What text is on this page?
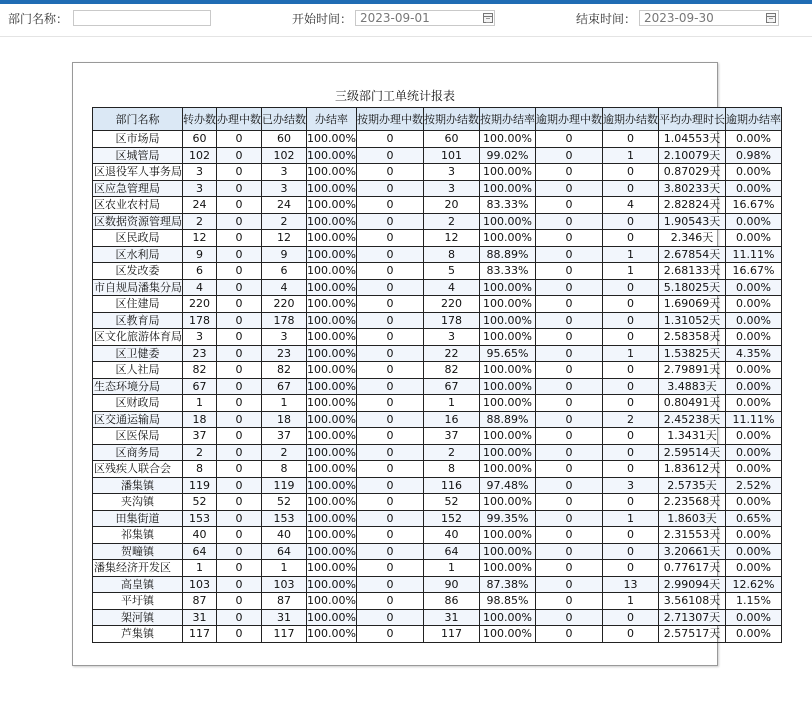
部门名称：	开始时间：
2023-09-01	结束时间：
2023-09-30
三级部门工单统计报表
部门名称	转办数	办理中数	已办结数	办结率	按期办理中数	按期办结数	按期办结率	逾期办理中数	逾期办结数	平均办理时长	逾期办结率
区市场局	60	0	60	100.00%	0	60	100.00%	0	0	1.04553天	0.00%
区城管局	102	0	102	100.00%	0	101	99.02%	0	1	2.10079天	0.98%
区退役军人事务局	3	0	3	100.00%	0	3	100.00%	0	0	0.87029天	0.00%
区应急管理局	3	0	3	100.00%	0	3	100.00%	0	0	3.80233天	0.00%
区农业农村局	24	0	24	100.00%	0	20	83.33%	0	4	2.82824天	16.67%
区数据资源管理局	2	0	2	100.00%	0	2	100.00%	0	0	1.90543天	0.00%
区民政局	12	0	12	100.00%	0	12	100.00%	0	0	2.346天	0.00%
区水利局	9	0	9	100.00%	0	8	88.89%	0	1	2.67854天	11.11%
区发改委	6	0	6	100.00%	0	5	83.33%	0	1	2.68133天	16.67%
市自规局潘集分局	4	0	4	100.00%	0	4	100.00%	0	0	5.18025天	0.00%
区住建局	220	0	220	100.00%	0	220	100.00%	0	0	1.69069天	0.00%
区教育局	178	0	178	100.00%	0	178	100.00%	0	0	1.31052天	0.00%
区文化旅游体育局	3	0	3	100.00%	0	3	100.00%	0	0	2.58358天	0.00%
区卫健委	23	0	23	100.00%	0	22	95.65%	0	1	1.53825天	4.35%
区人社局	82	0	82	100.00%	0	82	100.00%	0	0	2.79891天	0.00%
生态环境分局	67	0	67	100.00%	0	67	100.00%	0	0	3.4883天	0.00%
区财政局	1	0	1	100.00%	0	1	100.00%	0	0	0.80491天	0.00%
区交通运输局	18	0	18	100.00%	0	16	88.89%	0	2	2.45238天	11.11%
区医保局	37	0	37	100.00%	0	37	100.00%	0	0	1.3431天	0.00%
区商务局	2	0	2	100.00%	0	2	100.00%	0	0	2.59514天	0.00%
区残疾人联合会	8	0	8	100.00%	0	8	100.00%	0	0	1.83612天	0.00%
潘集镇	119	0	119	100.00%	0	116	97.48%	0	3	2.5735天	2.52%
夹沟镇	52	0	52	100.00%	0	52	100.00%	0	0	2.23568天	0.00%
田集街道	153	0	153	100.00%	0	152	99.35%	0	1	1.8603天	0.65%
祁集镇	40	0	40	100.00%	0	40	100.00%	0	0	2.31553天	0.00%
贺疃镇	64	0	64	100.00%	0	64	100.00%	0	0	3.20661天	0.00%
潘集经济开发区	1	0	1	100.00%	0	1	100.00%	0	0	0.77617天	0.00%
高皇镇	103	0	103	100.00%	0	90	87.38%	0	13	2.99094天	12.62%
平圩镇	87	0	87	100.00%	0	86	98.85%	0	1	3.56108天	1.15%
架河镇	31	0	31	100.00%	0	31	100.00%	0	0	2.71307天	0.00%
芦集镇	117	0	117	100.00%	0	117	100.00%	0	0	2.57517天	0.00%
